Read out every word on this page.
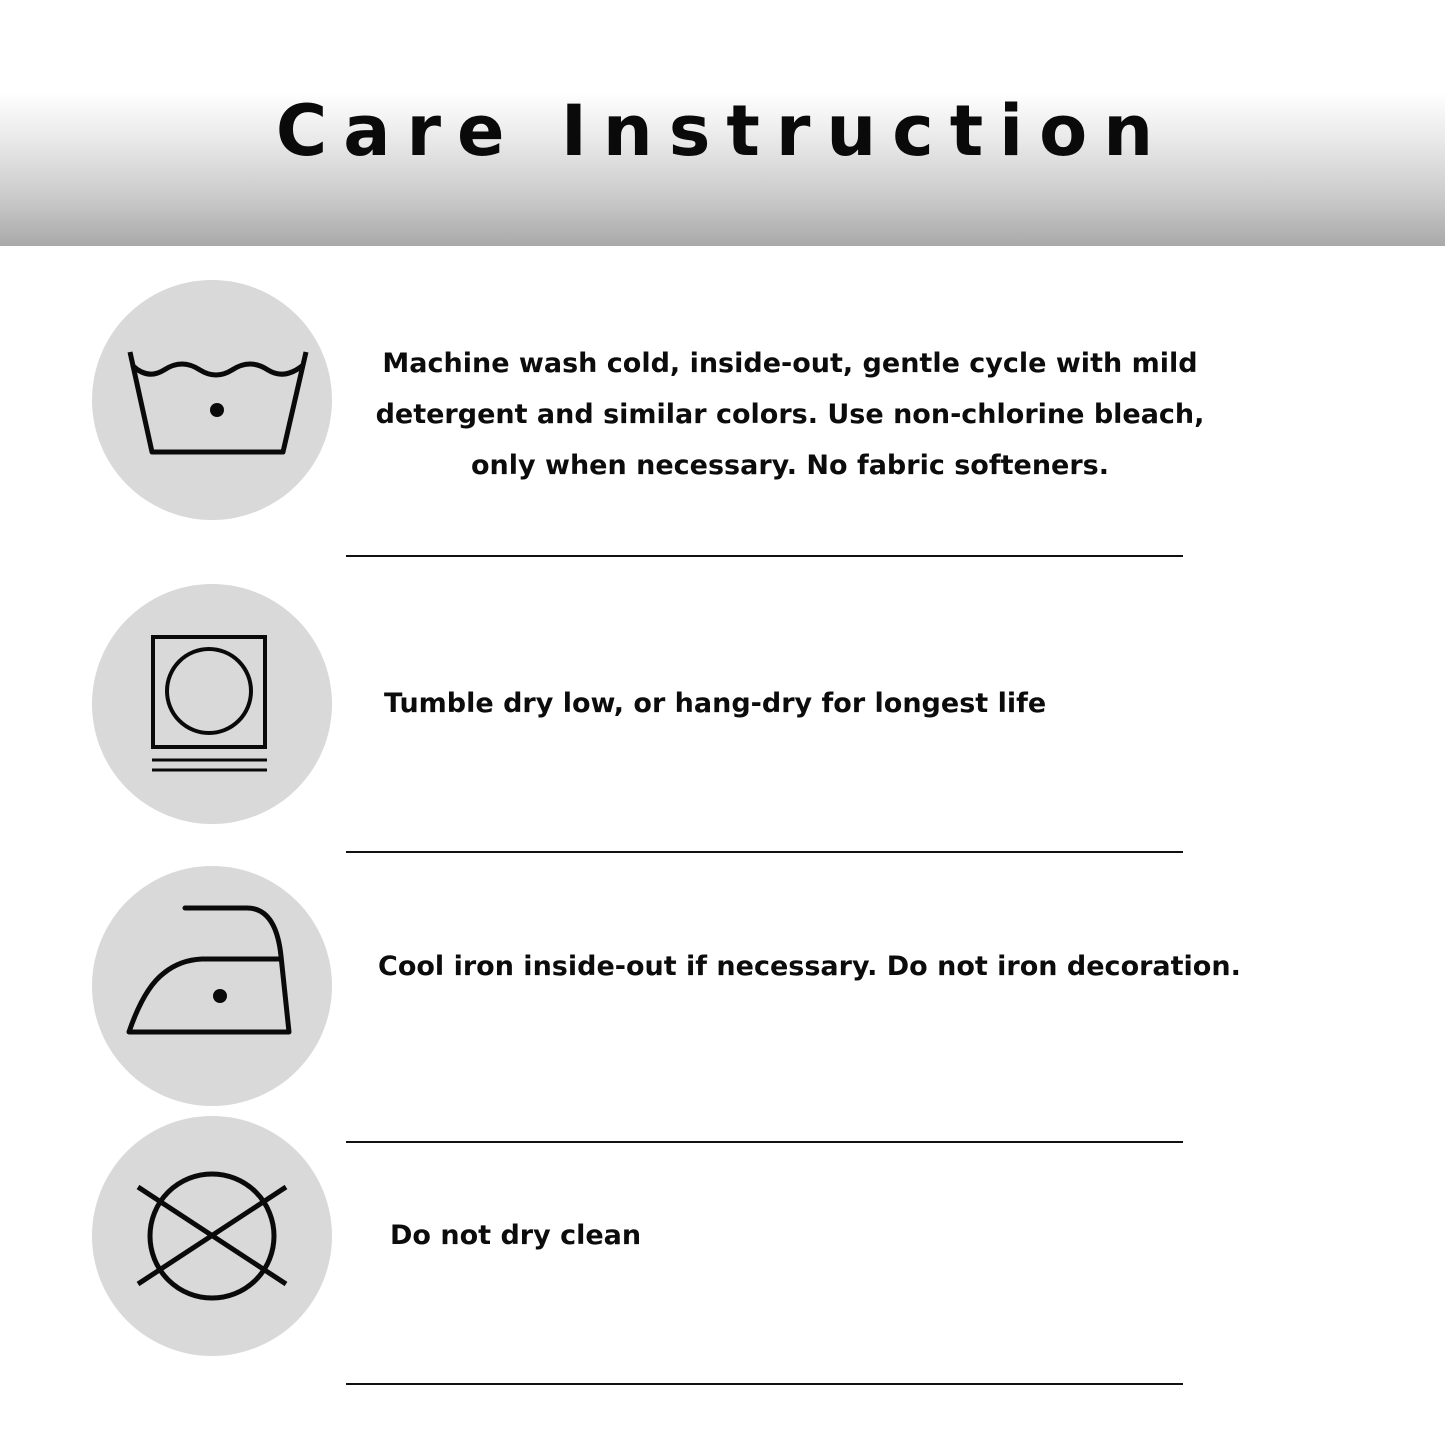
Care Instruction
Machine wash cold, inside-out, gentle cycle with mild
detergent and similar colors. Use non-chlorine bleach,
only when necessary. No fabric softeners.
Tumble dry low, or hang-dry for longest life
Cool iron inside-out if necessary. Do not iron decoration.
Do not dry clean
